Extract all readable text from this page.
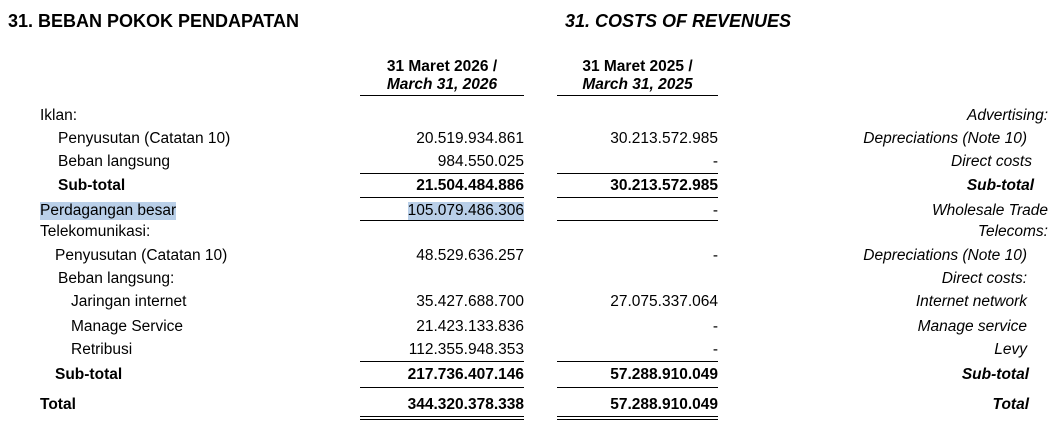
31. BEBAN POKOK PENDAPATAN	31. COSTS OF REVENUES
31 Maret 2026 /
March 31, 2026
31 Maret 2025 /
March 31, 2025
Iklan:	Advertising:
Penyusutan (Catatan 10)	20.519.934.861	30.213.572.985	Depreciations (Note 10)
Beban langsung	984.550.025	-	Direct costs
Sub-total	21.504.484.886	30.213.572.985	Sub-total
Perdagangan besar	105.079.486.306	-	Wholesale Trade
Telekomunikasi:	Telecoms:
Penyusutan (Catatan 10)	48.529.636.257	-	Depreciations (Note 10)
Beban langsung:	Direct costs:
Jaringan internet	35.427.688.700	27.075.337.064	Internet network
Manage Service	21.423.133.836	-	Manage service
Retribusi	112.355.948.353	-	Levy
Sub-total	217.736.407.146	57.288.910.049	Sub-total
Total	344.320.378.338	57.288.910.049	Total
